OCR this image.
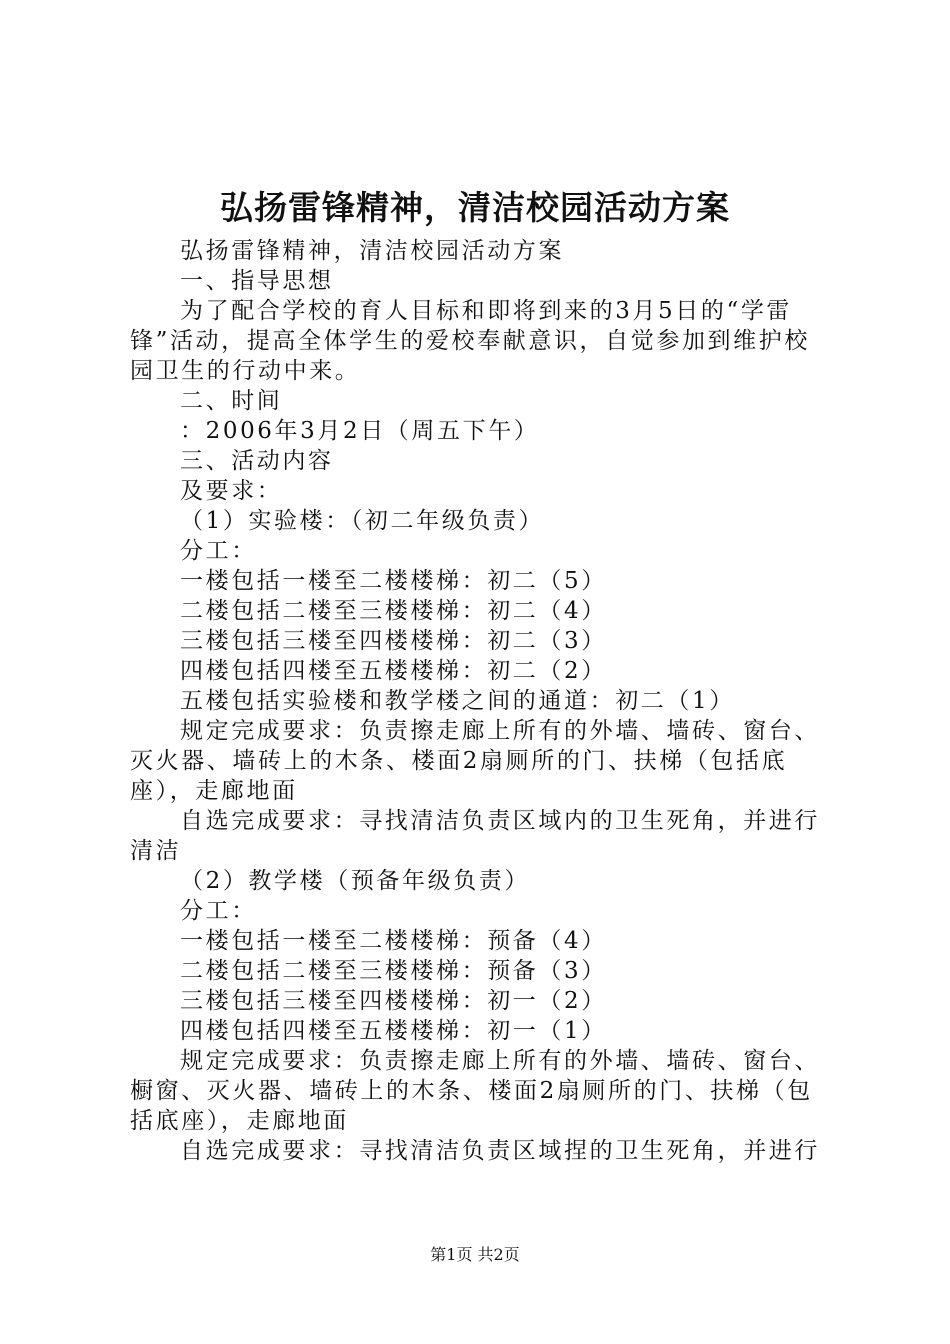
弘扬雷锋精神，清洁校园活动方案
弘扬雷锋精神，清洁校园活动方案
一、指导思想
为了配合学校的育人目标和即将到来的3月5日的“学雷
锋”活动，提高全体学生的爱校奉献意识，自觉参加到维护校
园卫生的行动中来。
二、时间
：2006年3月2日（周五下午）
三、活动内容
及要求：
（1）实验楼：（初二年级负责）
分工：
一楼包括一楼至二楼楼梯：初二（5）
二楼包括二楼至三楼楼梯：初二（4）
三楼包括三楼至四楼楼梯：初二（3）
四楼包括四楼至五楼楼梯：初二（2）
五楼包括实验楼和教学楼之间的通道：初二（1）
规定完成要求：负责擦走廊上所有的外墙、墙砖、窗台、
灭火器、墙砖上的木条、楼面2扇厕所的门、扶梯（包括底
座），走廊地面
自选完成要求：寻找清洁负责区域内的卫生死角，并进行
清洁
（2）教学楼（预备年级负责）
分工：
一楼包括一楼至二楼楼梯：预备（4）
二楼包括二楼至三楼楼梯：预备（3）
三楼包括三楼至四楼楼梯：初一（2）
四楼包括四楼至五楼楼梯：初一（1）
规定完成要求：负责擦走廊上所有的外墙、墙砖、窗台、
橱窗、灭火器、墙砖上的木条、楼面2扇厕所的门、扶梯（包
括底座），走廊地面
自选完成要求：寻找清洁负责区域捏的卫生死角，并进行
第1页 共2页
